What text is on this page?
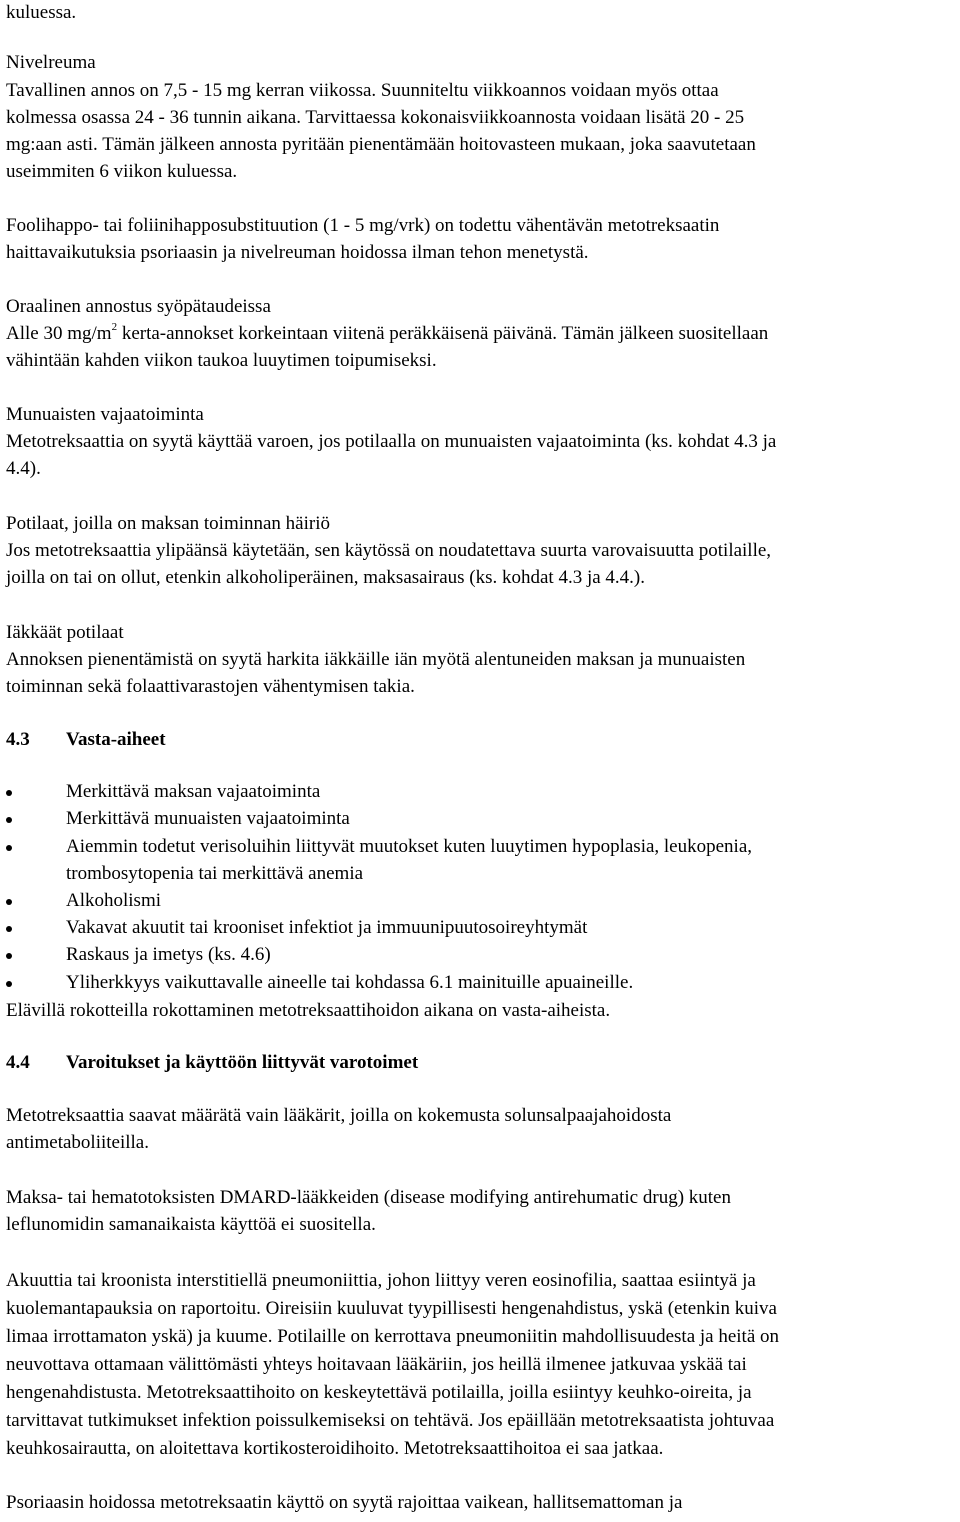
kuluessa.
Nivelreuma
Tavallinen annos on 7,5 - 15 mg kerran viikossa. Suunniteltu viikkoannos voidaan myös ottaa
kolmessa osassa 24 - 36 tunnin aikana. Tarvittaessa kokonaisviikkoannosta voidaan lisätä 20 - 25
mg:aan asti. Tämän jälkeen annosta pyritään pienentämään hoitovasteen mukaan, joka saavutetaan
useimmiten 6 viikon kuluessa.
Foolihappo- tai foliinihapposubstituution (1 - 5 mg/vrk) on todettu vähentävän metotreksaatin
haittavaikutuksia psoriaasin ja nivelreuman hoidossa ilman tehon menetystä.
Oraalinen annostus syöpätaudeissa
Alle 30 $mg/m^2$ kerta-annokset korkeintaan viitenä peräkkäisenä päivänä. Tämän jälkeen suositellaan
vähintään kahden viikon taukoa luuytimen toipumiseksi.
Munuaisten vajaatoiminta
Metotreksaattia on syytä käyttää varoen, jos potilaalla on munuaisten vajaatoiminta (ks. kohdat 4.3 ja
4.4).
Potilaat, joilla on maksan toiminnan häiriö
Jos metotreksaattia ylipäänsä käytetään, sen käytössä on noudatettava suurta varovaisuutta potilaille,
joilla on tai on ollut, etenkin alkoholiperäinen, maksasairaus (ks. kohdat 4.3 ja 4.4.).
Iäkkäät potilaat
Annoksen pienentämistä on syytä harkita iäkkäille iän myötä alentuneiden maksan ja munuaisten
toiminnan sekä folaattivarastojen vähentymisen takia.
4.3 Vasta-aiheet
Merkittävä maksan vajaatoiminta
Merkittävä munuaisten vajaatoiminta
Aiemmin todetut verisoluihin liittyvät muutokset kuten luuytimen hypoplasia, leukopenia,
trombosytopenia tai merkittävä anemia
Alkoholismi
Vakavat akuutit tai krooniset infektiot ja immuunipuutosoireyhtymät
Raskaus ja imetys (ks. 4.6)
Yliherkkyys vaikuttavalle aineelle tai kohdassa 6.1 mainituille apuaineille.
Elävillä rokotteilla rokottaminen metotreksaattihoidon aikana on vasta-aiheista.
4.4 Varoitukset ja käyttöön liittyvät varotoimet
Metotreksaattia saavat määrätä vain lääkärit, joilla on kokemusta solunsalpaajahoidosta
antimetaboliiteilla.
Maksa- tai hematotoksisten DMARD-lääkkeiden (disease modifying antirehumatic drug) kuten
leflunomidin samanaikaista käyttöä ei suositella.
Akuuttia tai kroonista interstitiellä pneumoniittia, johon liittyy veren eosinofilia, saattaa esiintyä ja
kuolemantapauksia on raportoitu. Oireisiin kuuluvat tyypillisesti hengenahdistus, yskä (etenkin kuiva
limaa irrottamaton yskä) ja kuume. Potilaille on kerrottava pneumoniitin mahdollisuudesta ja heitä on
neuvottava ottamaan välittömästi yhteys hoitavaan lääkäriin, jos heillä ilmenee jatkuvaa yskää tai
hengenahdistusta. Metotreksaattihoito on keskeytettävä potilailla, joilla esiintyy keuhko-oireita, ja
tarvittavat tutkimukset infektion poissulkemiseksi on tehtävä. Jos epäillään metotreksaatista johtuvaa
keuhkosairautta, on aloitettava kortikosteroidihoito. Metotreksaattihoitoa ei saa jatkaa.
Psoriaasin hoidossa metotreksaatin käyttö on syytä rajoittaa vaikean, hallitsemattoman ja
